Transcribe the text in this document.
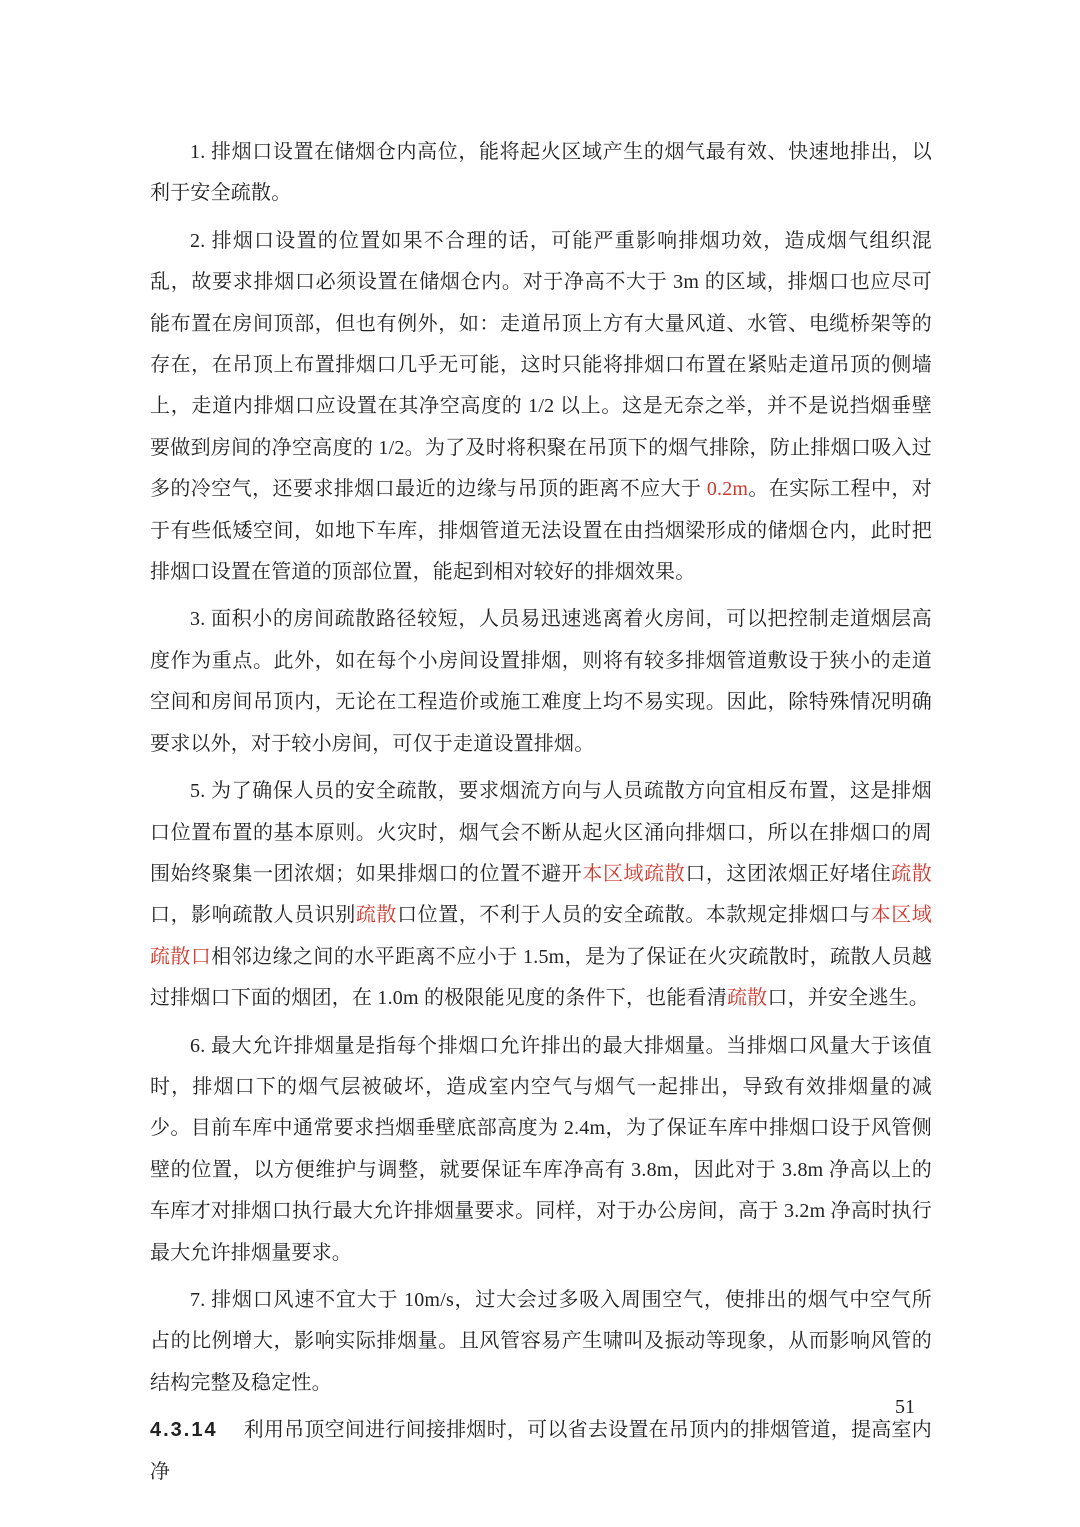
1. 排烟口设置在储烟仓内高位，能将起火区域产生的烟气最有效、快速地排出，以利于安全疏散。

2. 排烟口设置的位置如果不合理的话，可能严重影响排烟功效，造成烟气组织混乱，故要求排烟口必须设置在储烟仓内。对于净高不大于 3m 的区域，排烟口也应尽可能布置在房间顶部，但也有例外，如：走道吊顶上方有大量风道、水管、电缆桥架等的存在，在吊顶上布置排烟口几乎无可能，这时只能将排烟口布置在紧贴走道吊顶的侧墙上，走道内排烟口应设置在其净空高度的 1/2 以上。这是无奈之举，并不是说挡烟垂壁要做到房间的净空高度的 1/2。为了及时将积聚在吊顶下的烟气排除，防止排烟口吸入过多的冷空气，还要求排烟口最近的边缘与吊顶的距离不应大于 0.2m。在实际工程中，对于有些低矮空间，如地下车库，排烟管道无法设置在由挡烟梁形成的储烟仓内，此时把排烟口设置在管道的顶部位置，能起到相对较好的排烟效果。

3. 面积小的房间疏散路径较短，人员易迅速逃离着火房间，可以把控制走道烟层高度作为重点。此外，如在每个小房间设置排烟，则将有较多排烟管道敷设于狭小的走道空间和房间吊顶内，无论在工程造价或施工难度上均不易实现。因此，除特殊情况明确要求以外，对于较小房间，可仅于走道设置排烟。

5. 为了确保人员的安全疏散，要求烟流方向与人员疏散方向宜相反布置，这是排烟口位置布置的基本原则。火灾时，烟气会不断从起火区涌向排烟口，所以在排烟口的周围始终聚集一团浓烟；如果排烟口的位置不避开本区域疏散口，这团浓烟正好堵住疏散口，影响疏散人员识别疏散口位置，不利于人员的安全疏散。本款规定排烟口与本区域疏散口相邻边缘之间的水平距离不应小于 1.5m，是为了保证在火灾疏散时，疏散人员越过排烟口下面的烟团，在 1.0m 的极限能见度的条件下，也能看清疏散口，并安全逃生。

6. 最大允许排烟量是指每个排烟口允许排出的最大排烟量。当排烟口风量大于该值时，排烟口下的烟气层被破坏，造成室内空气与烟气一起排出，导致有效排烟量的减少。目前车库中通常要求挡烟垂壁底部高度为 2.4m，为了保证车库中排烟口设于风管侧壁的位置，以方便维护与调整，就要保证车库净高有 3.8m，因此对于 3.8m 净高以上的车库才对排烟口执行最大允许排烟量要求。同样，对于办公房间，高于 3.2m 净高时执行最大允许排烟量要求。

7. 排烟口风速不宜大于 10m/s，过大会过多吸入周围空气，使排出的烟气中空气所占的比例增大，影响实际排烟量。且风管容易产生啸叫及振动等现象，从而影响风管的结构完整及稳定性。

4.3.14 利用吊顶空间进行间接排烟时，可以省去设置在吊顶内的排烟管道，提高室内净

51
